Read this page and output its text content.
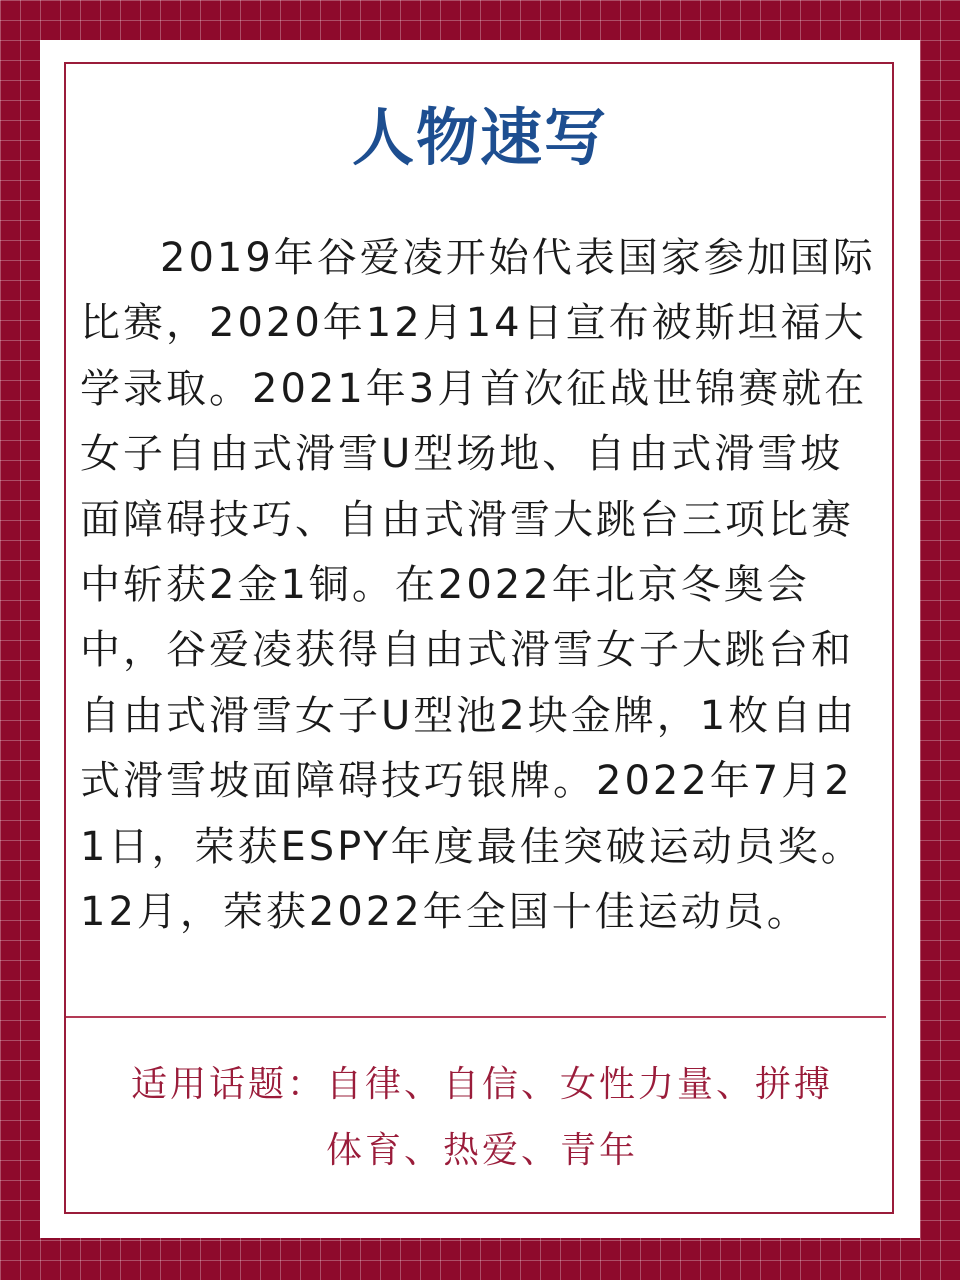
人物速写

2019年谷爱凌开始代表国家参加国际比赛，2020年12月14日宣布被斯坦福大学录取。2021年3月首次征战世锦赛就在女子自由式滑雪U型场地、自由式滑雪坡面障碍技巧、自由式滑雪大跳台三项比赛中斩获2金1铜。在2022年北京冬奥会中，谷爱凌获得自由式滑雪女子大跳台和自由式滑雪女子U型池2块金牌，1枚自由式滑雪坡面障碍技巧银牌。2022年7月21日，荣获ESPY年度最佳突破运动员奖。12月，荣获2022年全国十佳运动员。

适用话题：自律、自信、女性力量、拼搏
体育、热爱、青年
